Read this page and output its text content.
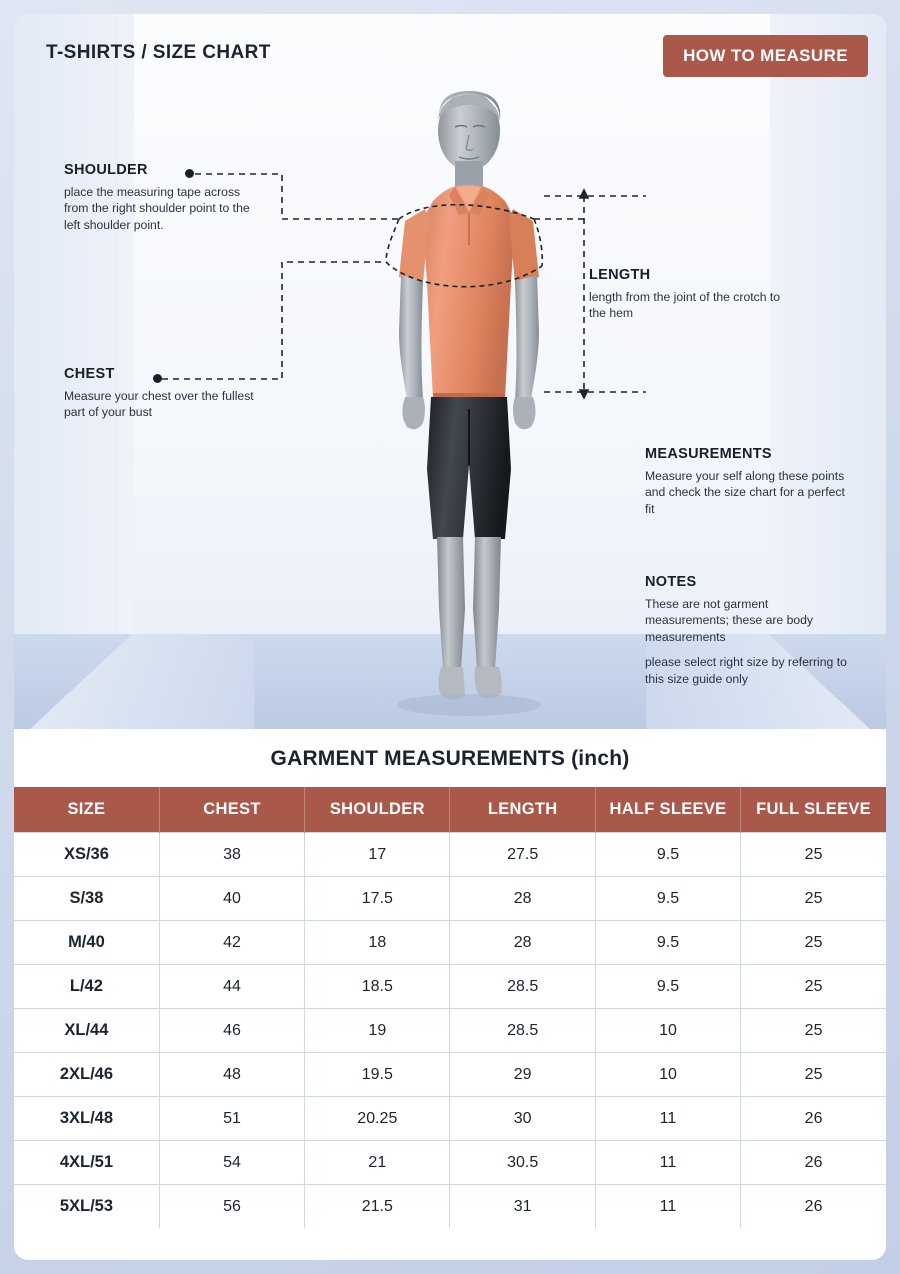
T-SHIRTS / SIZE CHART	HOW TO MEASURE
SHOULDER

place the measuring tape across from the right shoulder point to the left shoulder point.

CHEST

Measure your chest over the fullest part of your bust

LENGTH

length from the joint of the crotch to the hem

MEASUREMENTS

Measure your self along these points and check the size chart for a perfect fit

NOTES

These are not garment measurements; these are body measurements

please select right size by referring to this size guide only

GARMENT MEASUREMENTS (inch)
SIZE	CHEST	SHOULDER	LENGTH	HALF SLEEVE	FULL SLEEVE
XS/36	38	17	27.5	9.5	25
S/38	40	17.5	28	9.5	25
M/40	42	18	28	9.5	25
L/42	44	18.5	28.5	9.5	25
XL/44	46	19	28.5	10	25
2XL/46	48	19.5	29	10	25
3XL/48	51	20.25	30	11	26
4XL/51	54	21	30.5	11	26
5XL/53	56	21.5	31	11	26
